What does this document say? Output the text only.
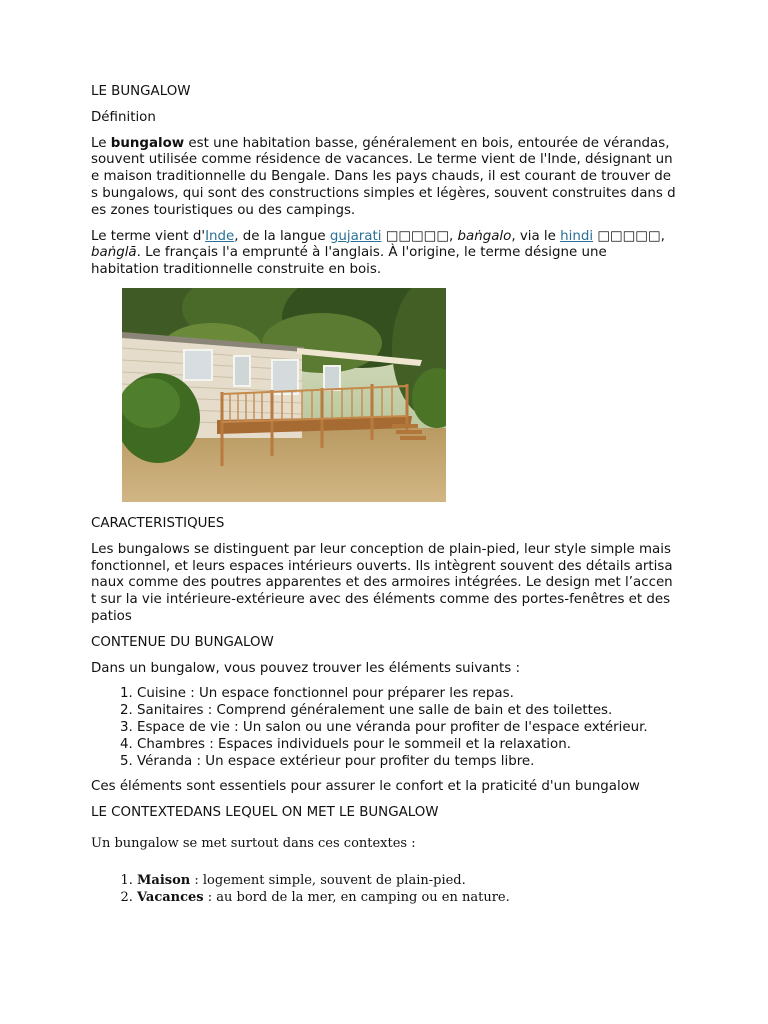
LE BUNGALOW

Définition

Le bungalow est une habitation basse, généralement en bois, entourée de vérandas, souvent utilisée comme résidence de vacances. Le terme vient de l'Inde, désignant une maison traditionnelle du Bengale. Dans les pays chauds, il est courant de trouver des bungalows, qui sont des constructions simples et légères, souvent construites dans des zones touristiques ou des campings.

Le terme vient d'Inde, de la langue gujarati □□□□□, baṅgalo, via le hindi □□□□□, baṅglā. Le français l'a emprunté à l'anglais. À l'origine, le terme désigne une habitation traditionnelle construite en bois.

CARACTERISTIQUES

Les bungalows se distinguent par leur conception de plain-pied, leur style simple mais fonctionnel, et leurs espaces intérieurs ouverts. Ils intègrent souvent des détails artisanaux comme des poutres apparentes et des armoires intégrées. Le design met l’accent sur la vie intérieure-extérieure avec des éléments comme des portes-fenêtres et des patios

CONTENUE DU BUNGALOW

Dans un bungalow, vous pouvez trouver les éléments suivants :

1. Cuisine : Un espace fonctionnel pour préparer les repas.
2. Sanitaires : Comprend généralement une salle de bain et des toilettes.
3. Espace de vie : Un salon ou une véranda pour profiter de l'espace extérieur.
4. Chambres : Espaces individuels pour le sommeil et la relaxation.
5. Véranda : Un espace extérieur pour profiter du temps libre.

Ces éléments sont essentiels pour assurer le confort et la praticité d'un bungalow

LE CONTEXTEDANS LEQUEL ON MET LE BUNGALOW

Un bungalow se met surtout dans ces contextes :

1. Maison : logement simple, souvent de plain-pied.
2. Vacances : au bord de la mer, en camping ou en nature.
